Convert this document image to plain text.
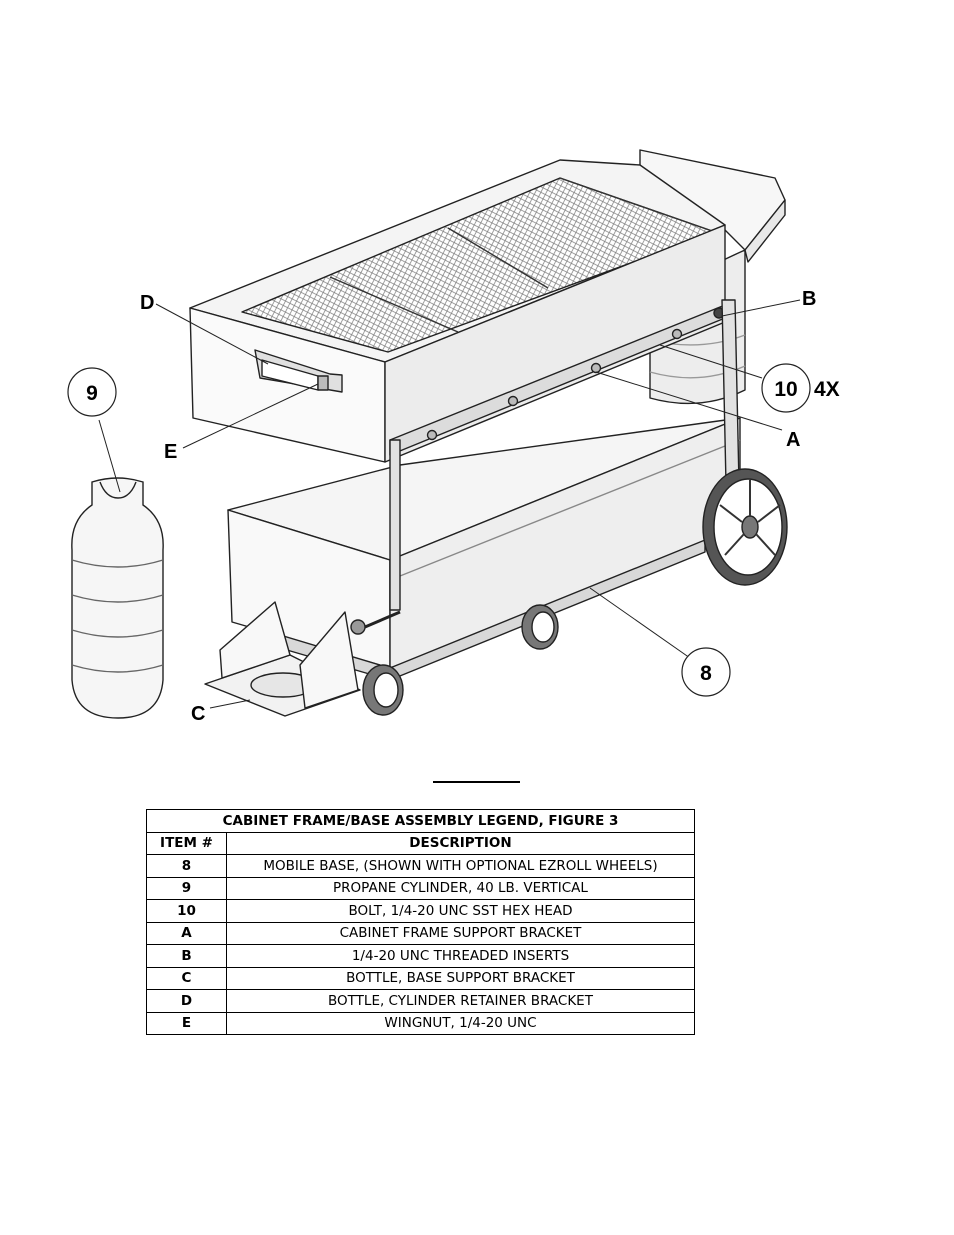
9	10 4X
8
A
B
C
D
E
CABINET FRAME/BASE ASSEMBLY LEGEND, FIGURE 3	
ITEM #	DESCRIPTION
8	MOBILE BASE, (SHOWN WITH OPTIONAL EZROLL WHEELS)
9	PROPANE CYLINDER, 40 LB. VERTICAL
10	BOLT, 1/4-20 UNC SST HEX HEAD
A	CABINET FRAME SUPPORT BRACKET
B	1/4-20 UNC THREADED INSERTS
C	BOTTLE, BASE SUPPORT BRACKET
D	BOTTLE, CYLINDER RETAINER BRACKET
E	WINGNUT, 1/4-20 UNC
